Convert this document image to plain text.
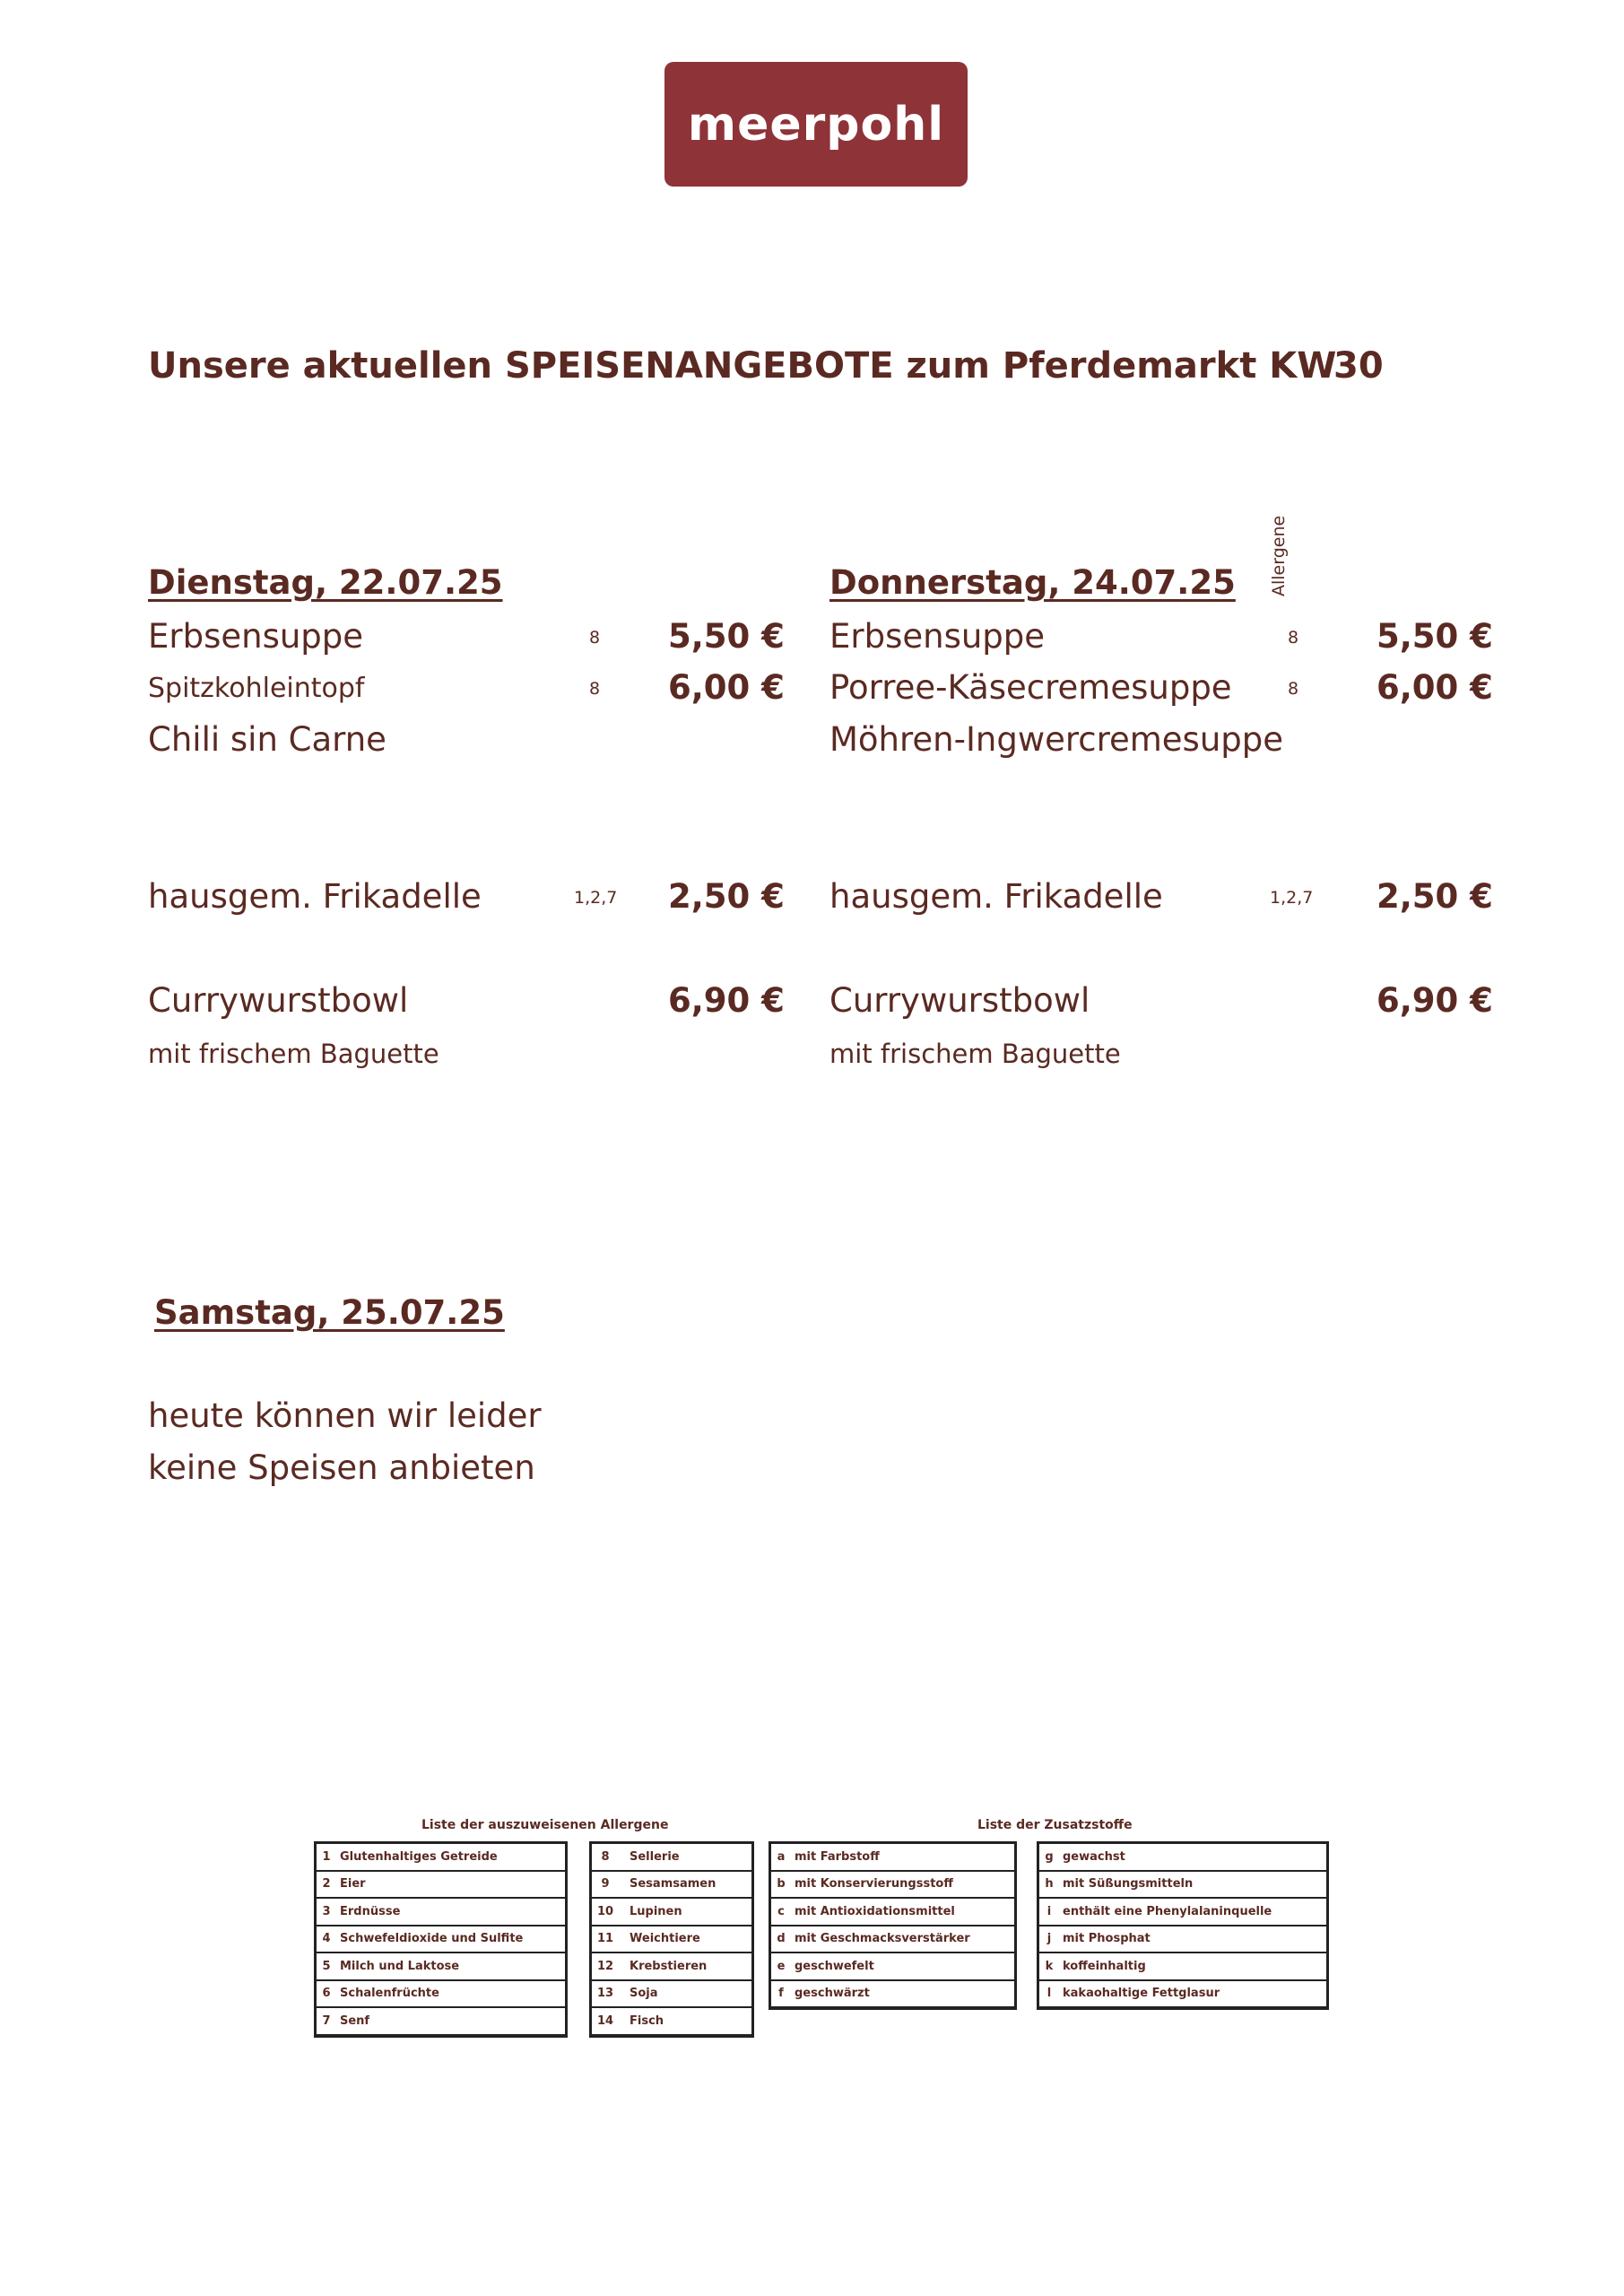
meerpohl
Unsere aktuellen SPEISENANGEBOTE zum Pferdemarkt KW
30
Allergene
Dienstag, 22.07.25
Erbsensuppe	8 5,50 €
Spitzkohleintopf	8 6,00 €
Chili sin Carne
hausgem. Frikadelle	1,2,7 2,50 €
Currywurstbowl	6,90 €
mit frischem Baguette
Donnerstag, 24.07.25
Erbsensuppe	8 5,50 €
Porree-Käsecremesuppe	8 6,00 €
Möhren-Ingwercremesuppe
hausgem. Frikadelle	1,2,7 2,50 €
Currywurstbowl	6,90 €
mit frischem Baguette
Samstag, 25.07.25
heute können wir leider
keine Speisen anbieten
Liste der auszuweisenen Allergene	Liste der Zusatzstoffe
1 Glutenhaltiges Getreide
2 Eier
3 Erdnüsse
4 Schwefeldioxide und Sulfite
5 Milch und Laktose
6 Schalenfrüchte
7 Senf
8	Sellerie
9	Sesamsamen
10	Lupinen
11	Weichtiere
12	Krebstieren
13	Soja
14	Fisch
a mit Farbstoff
b mit Konservierungsstoff
c mit Antioxidationsmittel
d mit Geschmacksverstärker
e geschwefelt
f geschwärzt
g gewachst
h mit Süßungsmitteln
i enthält eine Phenylalaninquelle
j mit Phosphat
k koffeinhaltig
l kakaohaltige Fettglasur
